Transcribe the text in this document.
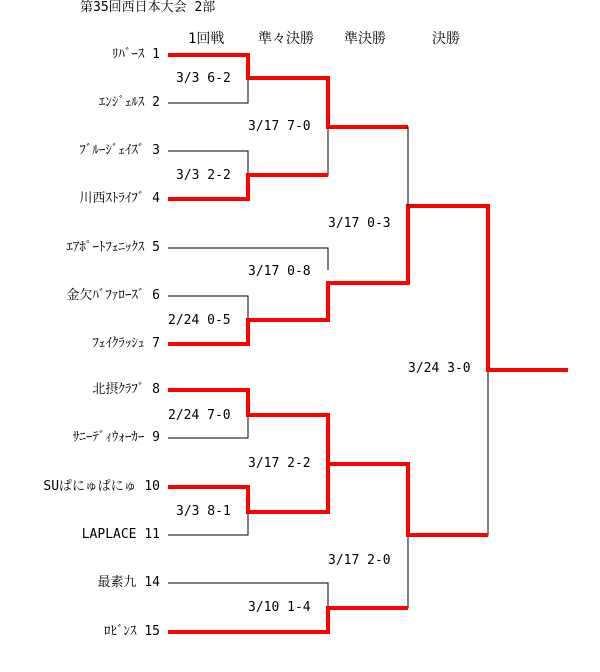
第35回西日本大会 2部
1回戦 準々決勝 準決勝	決勝
ﾘﾊﾞｰｽ 1
ｴﾝｼﾞｪﾙｽ 2
ﾌﾞﾙｰｼﾞｪｲｽﾞ 3
川西ｽﾄﾗｲﾌﾞ 4
ｴｱﾎﾟｰﾄﾌｪﾆｯｸｽ 5
金欠ﾊﾞﾌｧﾛｰｽﾞ 6
ﾌｪｲｸﾗｯｼｭ 7
北摂ｸﾗﾌﾞ 8
ｻﾆｰﾃﾞｨｳｫｰｶｰ 9
SUぱにゅぱにゅ 10
LAPLACE 11
最素九 14
ﾛﾋﾞﾝｽ 15
3/3 6-2
3/3 2-2
2/24 0-5
2/24 7-0
3/3 8-1
3/17 7-0
3/17 0-8
3/17 2-2
3/10 1-4
3/17 0-3
3/17 2-0
3/24 3-0
